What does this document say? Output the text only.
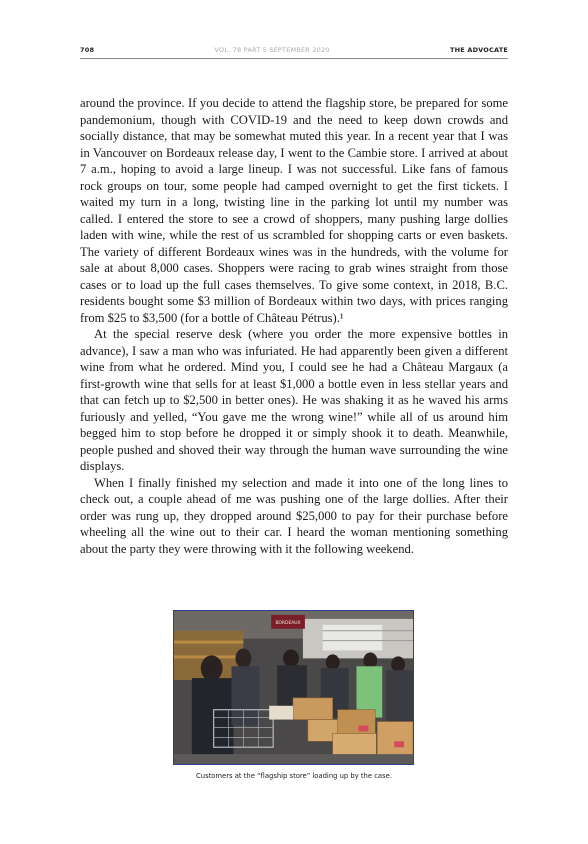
708	VOL. 78 PART 5 SEPTEMBER 2020	THE ADVOCATE

around the province. If you decide to attend the flagship store, be prepared for some pandemonium, though with COVID-19 and the need to keep down crowds and socially distance, that may be somewhat muted this year. In a recent year that I was in Vancouver on Bordeaux release day, I went to the Cambie store. I arrived at about 7 a.m., hoping to avoid a large lineup. I was not successful. Like fans of famous rock groups on tour, some people had camped overnight to get the first tickets. I waited my turn in a long, twisting line in the parking lot until my number was called. I entered the store to see a crowd of shoppers, many pushing large dollies laden with wine, while the rest of us scrambled for shopping carts or even baskets. The variety of different Bordeaux wines was in the hundreds, with the volume for sale at about 8,000 cases. Shoppers were racing to grab wines straight from those cases or to load up the full cases themselves. To give some context, in 2018, B.C. residents bought some $3 million of Bordeaux within two days, with prices ranging from $25 to $3,500 (for a bottle of Château Pétrus).¹

At the special reserve desk (where you order the more expensive bottles in advance), I saw a man who was infuriated. He had apparently been given a different wine from what he ordered. Mind you, I could see he had a Château Margaux (a first-growth wine that sells for at least $1,000 a bottle even in less stellar years and that can fetch up to $2,500 in better ones). He was shaking it as he waved his arms furiously and yelled, “You gave me the wrong wine!” while all of us around him begged him to stop before he dropped it or simply shook it to death. Meanwhile, people pushed and shoved their way through the human wave surrounding the wine displays.

When I finally finished my selection and made it into one of the long lines to check out, a couple ahead of me was pushing one of the large dollies. After their order was rung up, they dropped around $25,000 to pay for their purchase before wheeling all the wine out to their car. I heard the woman mentioning something about the party they were throwing with it the following weekend.

BORDEAUX
Customers at the “flagship store” loading up by the case.
